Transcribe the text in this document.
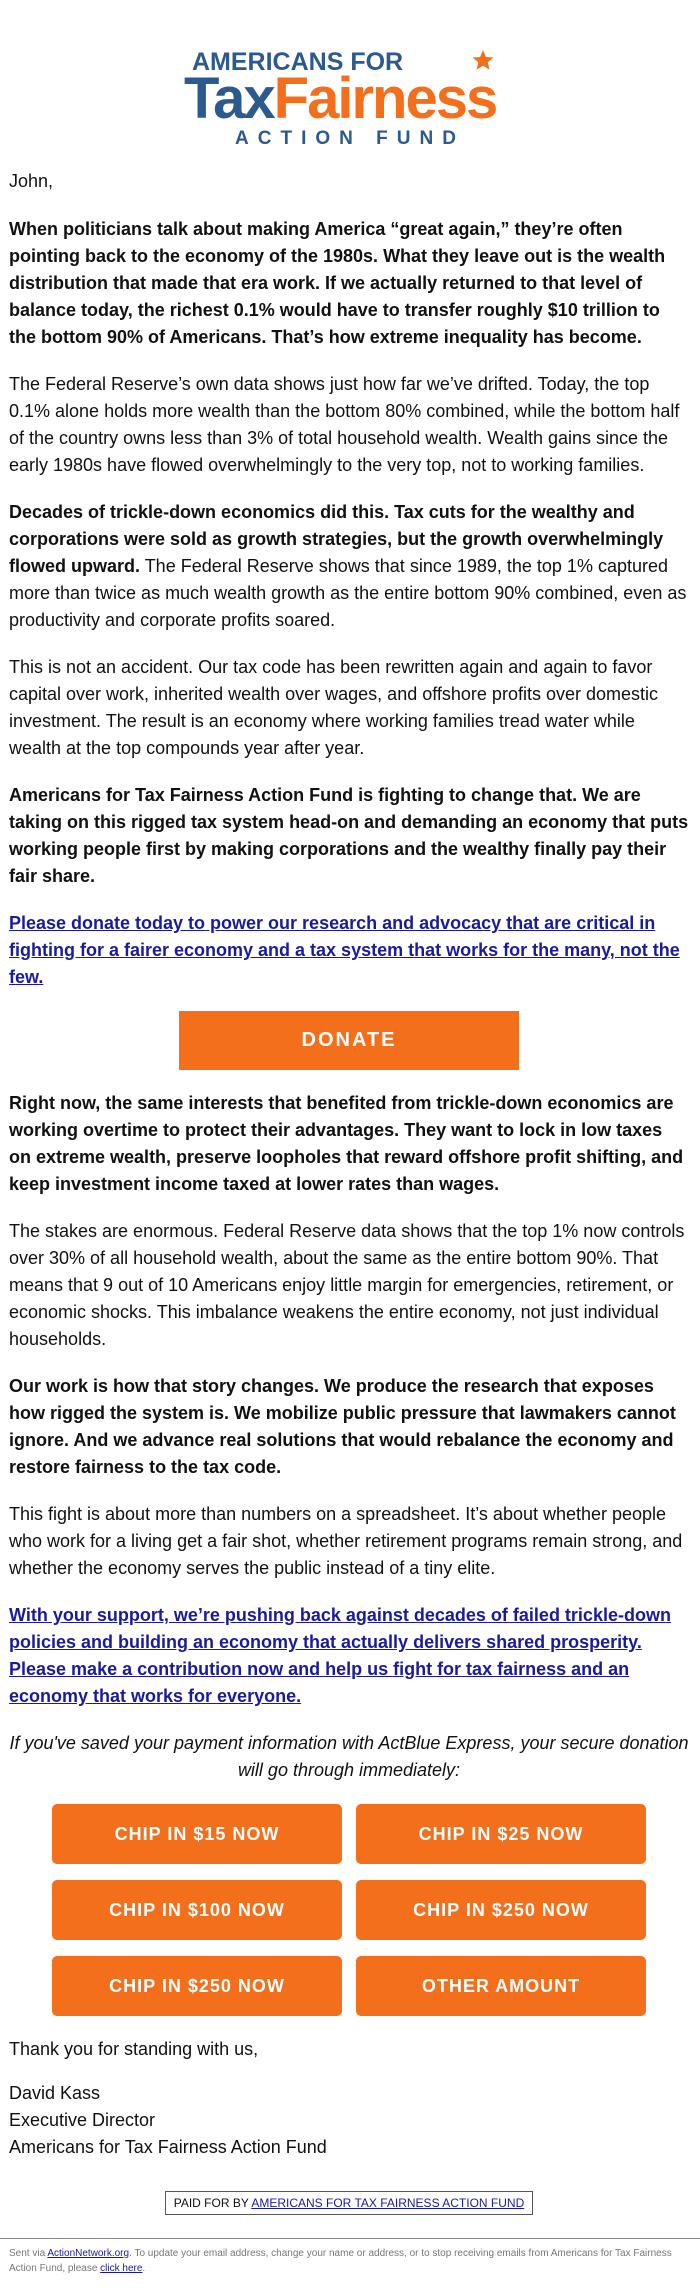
AMERICANS FOR
TaxFairness
ACTION FUND

John,

When politicians talk about making America “great again,” they’re often pointing back to the economy of the 1980s. What they leave out is the wealth distribution that made that era work. If we actually returned to that level of balance today, the richest 0.1% would have to transfer roughly $10 trillion to the bottom 90% of Americans. That’s how extreme inequality has become.

The Federal Reserve’s own data shows just how far we’ve drifted. Today, the top 0.1% alone holds more wealth than the bottom 80% combined, while the bottom half of the country owns less than 3% of total household wealth. Wealth gains since the early 1980s have flowed overwhelmingly to the very top, not to working families.

Decades of trickle-down economics did this. Tax cuts for the wealthy and corporations were sold as growth strategies, but the growth overwhelmingly flowed upward. The Federal Reserve shows that since 1989, the top 1% captured more than twice as much wealth growth as the entire bottom 90% combined, even as productivity and corporate profits soared.

This is not an accident. Our tax code has been rewritten again and again to favor capital over work, inherited wealth over wages, and offshore profits over domestic investment. The result is an economy where working families tread water while wealth at the top compounds year after year.

Americans for Tax Fairness Action Fund is fighting to change that. We are taking on this rigged tax system head-on and demanding an economy that puts working people first by making corporations and the wealthy finally pay their fair share.

Please donate today to power our research and advocacy that are critical in fighting for a fairer economy and a tax system that works for the many, not the few.

DONATE

Right now, the same interests that benefited from trickle-down economics are working overtime to protect their advantages. They want to lock in low taxes on extreme wealth, preserve loopholes that reward offshore profit shifting, and keep investment income taxed at lower rates than wages.

The stakes are enormous. Federal Reserve data shows that the top 1% now controls over 30% of all household wealth, about the same as the entire bottom 90%. That means that 9 out of 10 Americans enjoy little margin for emergencies, retirement, or economic shocks. This imbalance weakens the entire economy, not just individual households.

Our work is how that story changes. We produce the research that exposes how rigged the system is. We mobilize public pressure that lawmakers cannot ignore. And we advance real solutions that would rebalance the economy and restore fairness to the tax code.

This fight is about more than numbers on a spreadsheet. It’s about whether people who work for a living get a fair shot, whether retirement programs remain strong, and whether the economy serves the public instead of a tiny elite.

With your support, we’re pushing back against decades of failed trickle-down policies and building an economy that actually delivers shared prosperity. Please make a contribution now and help us fight for tax fairness and an economy that works for everyone.

If you've saved your payment information with ActBlue Express, your secure donation will go through immediately:

CHIP IN $15 NOW	CHIP IN $25 NOW
CHIP IN $100 NOW	CHIP IN $250 NOW
CHIP IN $250 NOW	OTHER AMOUNT

Thank you for standing with us,

David Kass

Executive Director

Americans for Tax Fairness Action Fund

PAID FOR BY AMERICANS FOR TAX FAIRNESS ACTION FUND
Sent via ActionNetwork.org. To update your email address, change your name or address, or to stop receiving emails from Americans for Tax Fairness Action Fund, please click here.
